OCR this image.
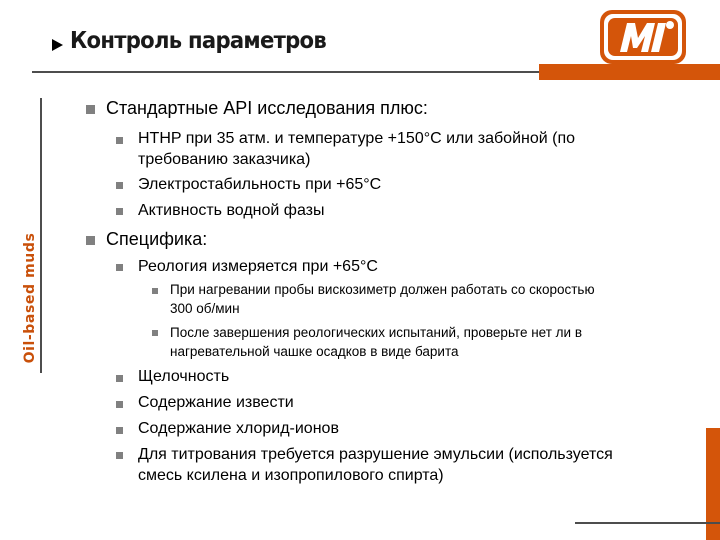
Контроль параметров
Oil-based muds
Стандартные API исследования плюс:
HTHP при 35 атм. и температуре +150°C или забойной (по
требованию заказчика)
Электростабильность при +65°C
Активность водной фазы
Специфика:
Реология измеряется при +65°C
При нагревании пробы вискозиметр должен работать со скоростью
300 об/мин
После завершения реологических испытаний, проверьте нет ли в
нагревательной чашке осадков в виде барита
Щелочность
Содержание извести
Содержание хлорид-ионов
Для титрования требуется разрушение эмульсии (используется
смесь ксилена и изопропилового спирта)
